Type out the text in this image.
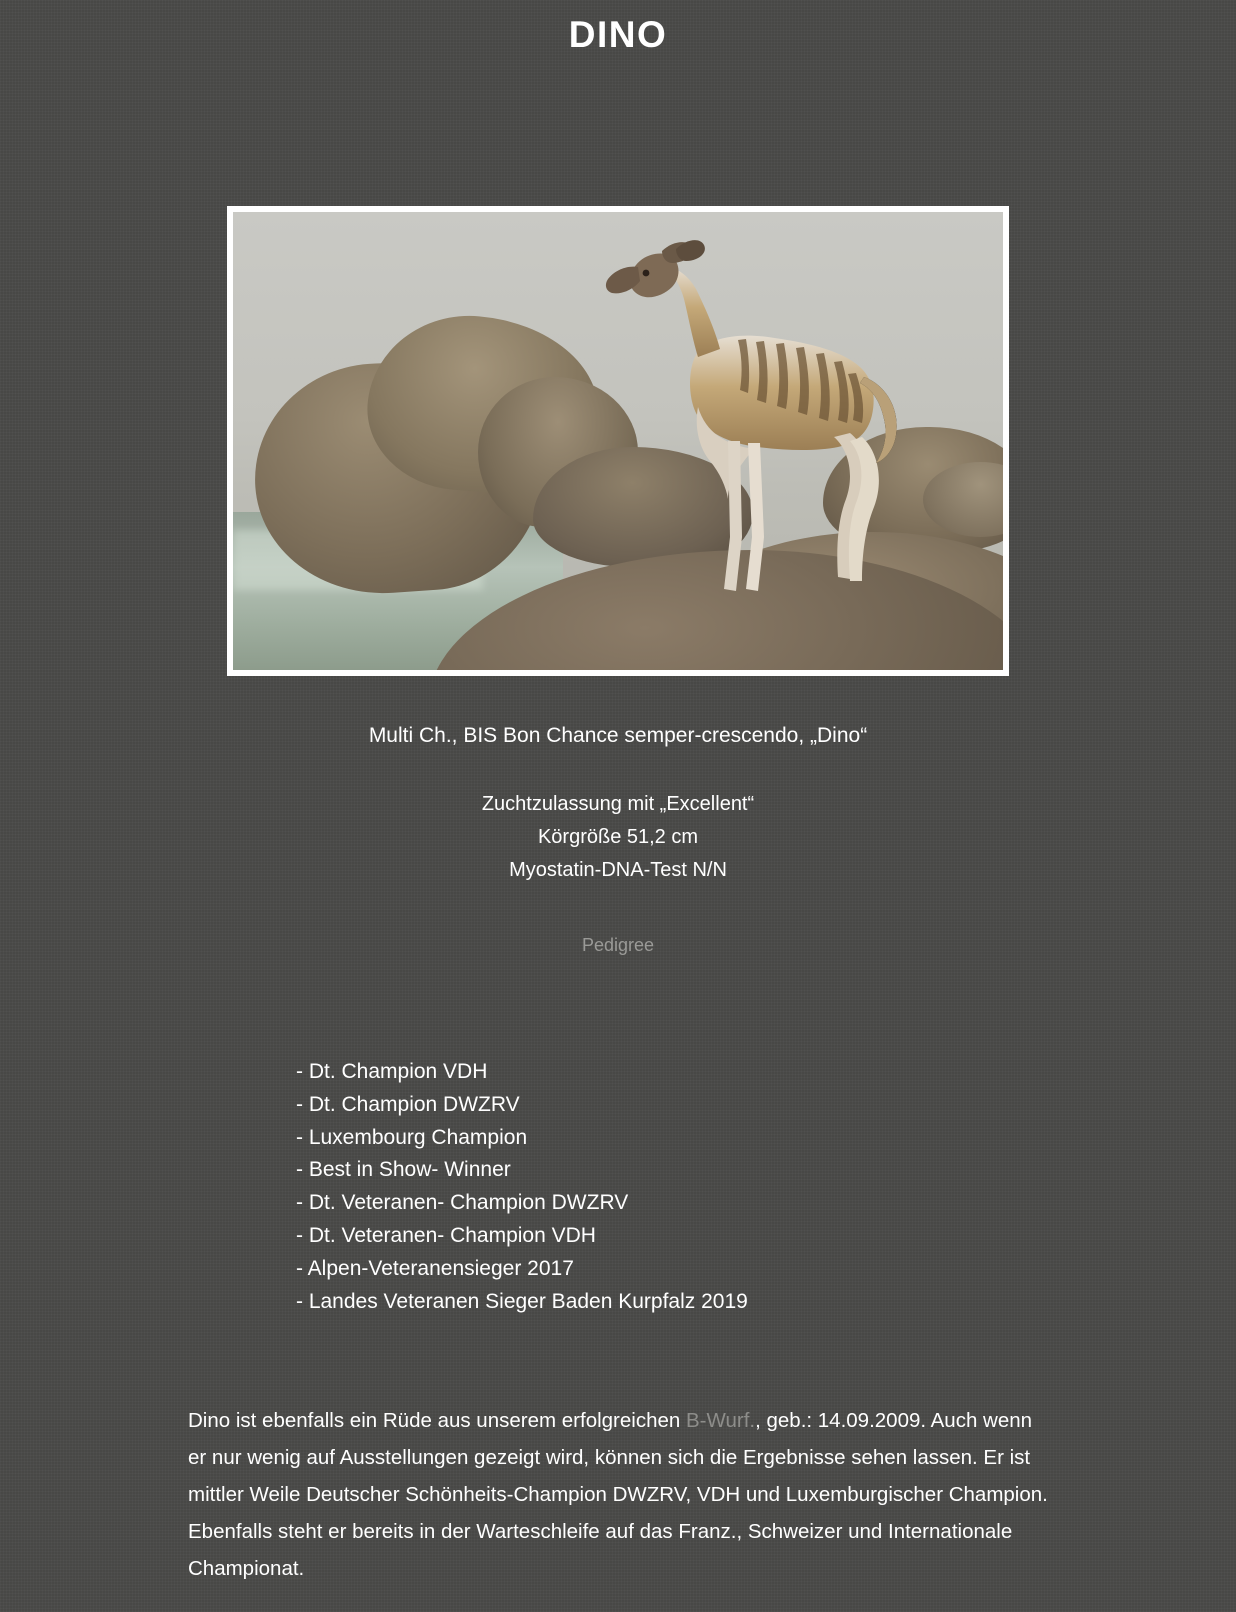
DINO
Multi Ch., BIS Bon Chance semper-crescendo, „Dino“
Zuchtzulassung mit „Excellent“
Körgröße 51,2 cm
Myostatin-DNA-Test N/N
Pedigree
- Dt. Champion VDH
- Dt. Champion DWZRV
- Luxembourg Champion
- Best in Show- Winner
- Dt. Veteranen- Champion DWZRV
- Dt. Veteranen- Champion VDH
- Alpen-Veteranensieger 2017
- Landes Veteranen Sieger Baden Kurpfalz 2019
Dino ist ebenfalls ein Rüde aus unserem erfolgreichen B-Wurf., geb.: 14.09.2009. Auch wenn er nur wenig auf Ausstellungen gezeigt wird, können sich die Ergebnisse sehen lassen. Er ist mittler Weile Deutscher Schönheits-Champion DWZRV, VDH und Luxemburgischer Champion. Ebenfalls steht er bereits in der Warteschleife auf das Franz., Schweizer und Internationale Championat.
